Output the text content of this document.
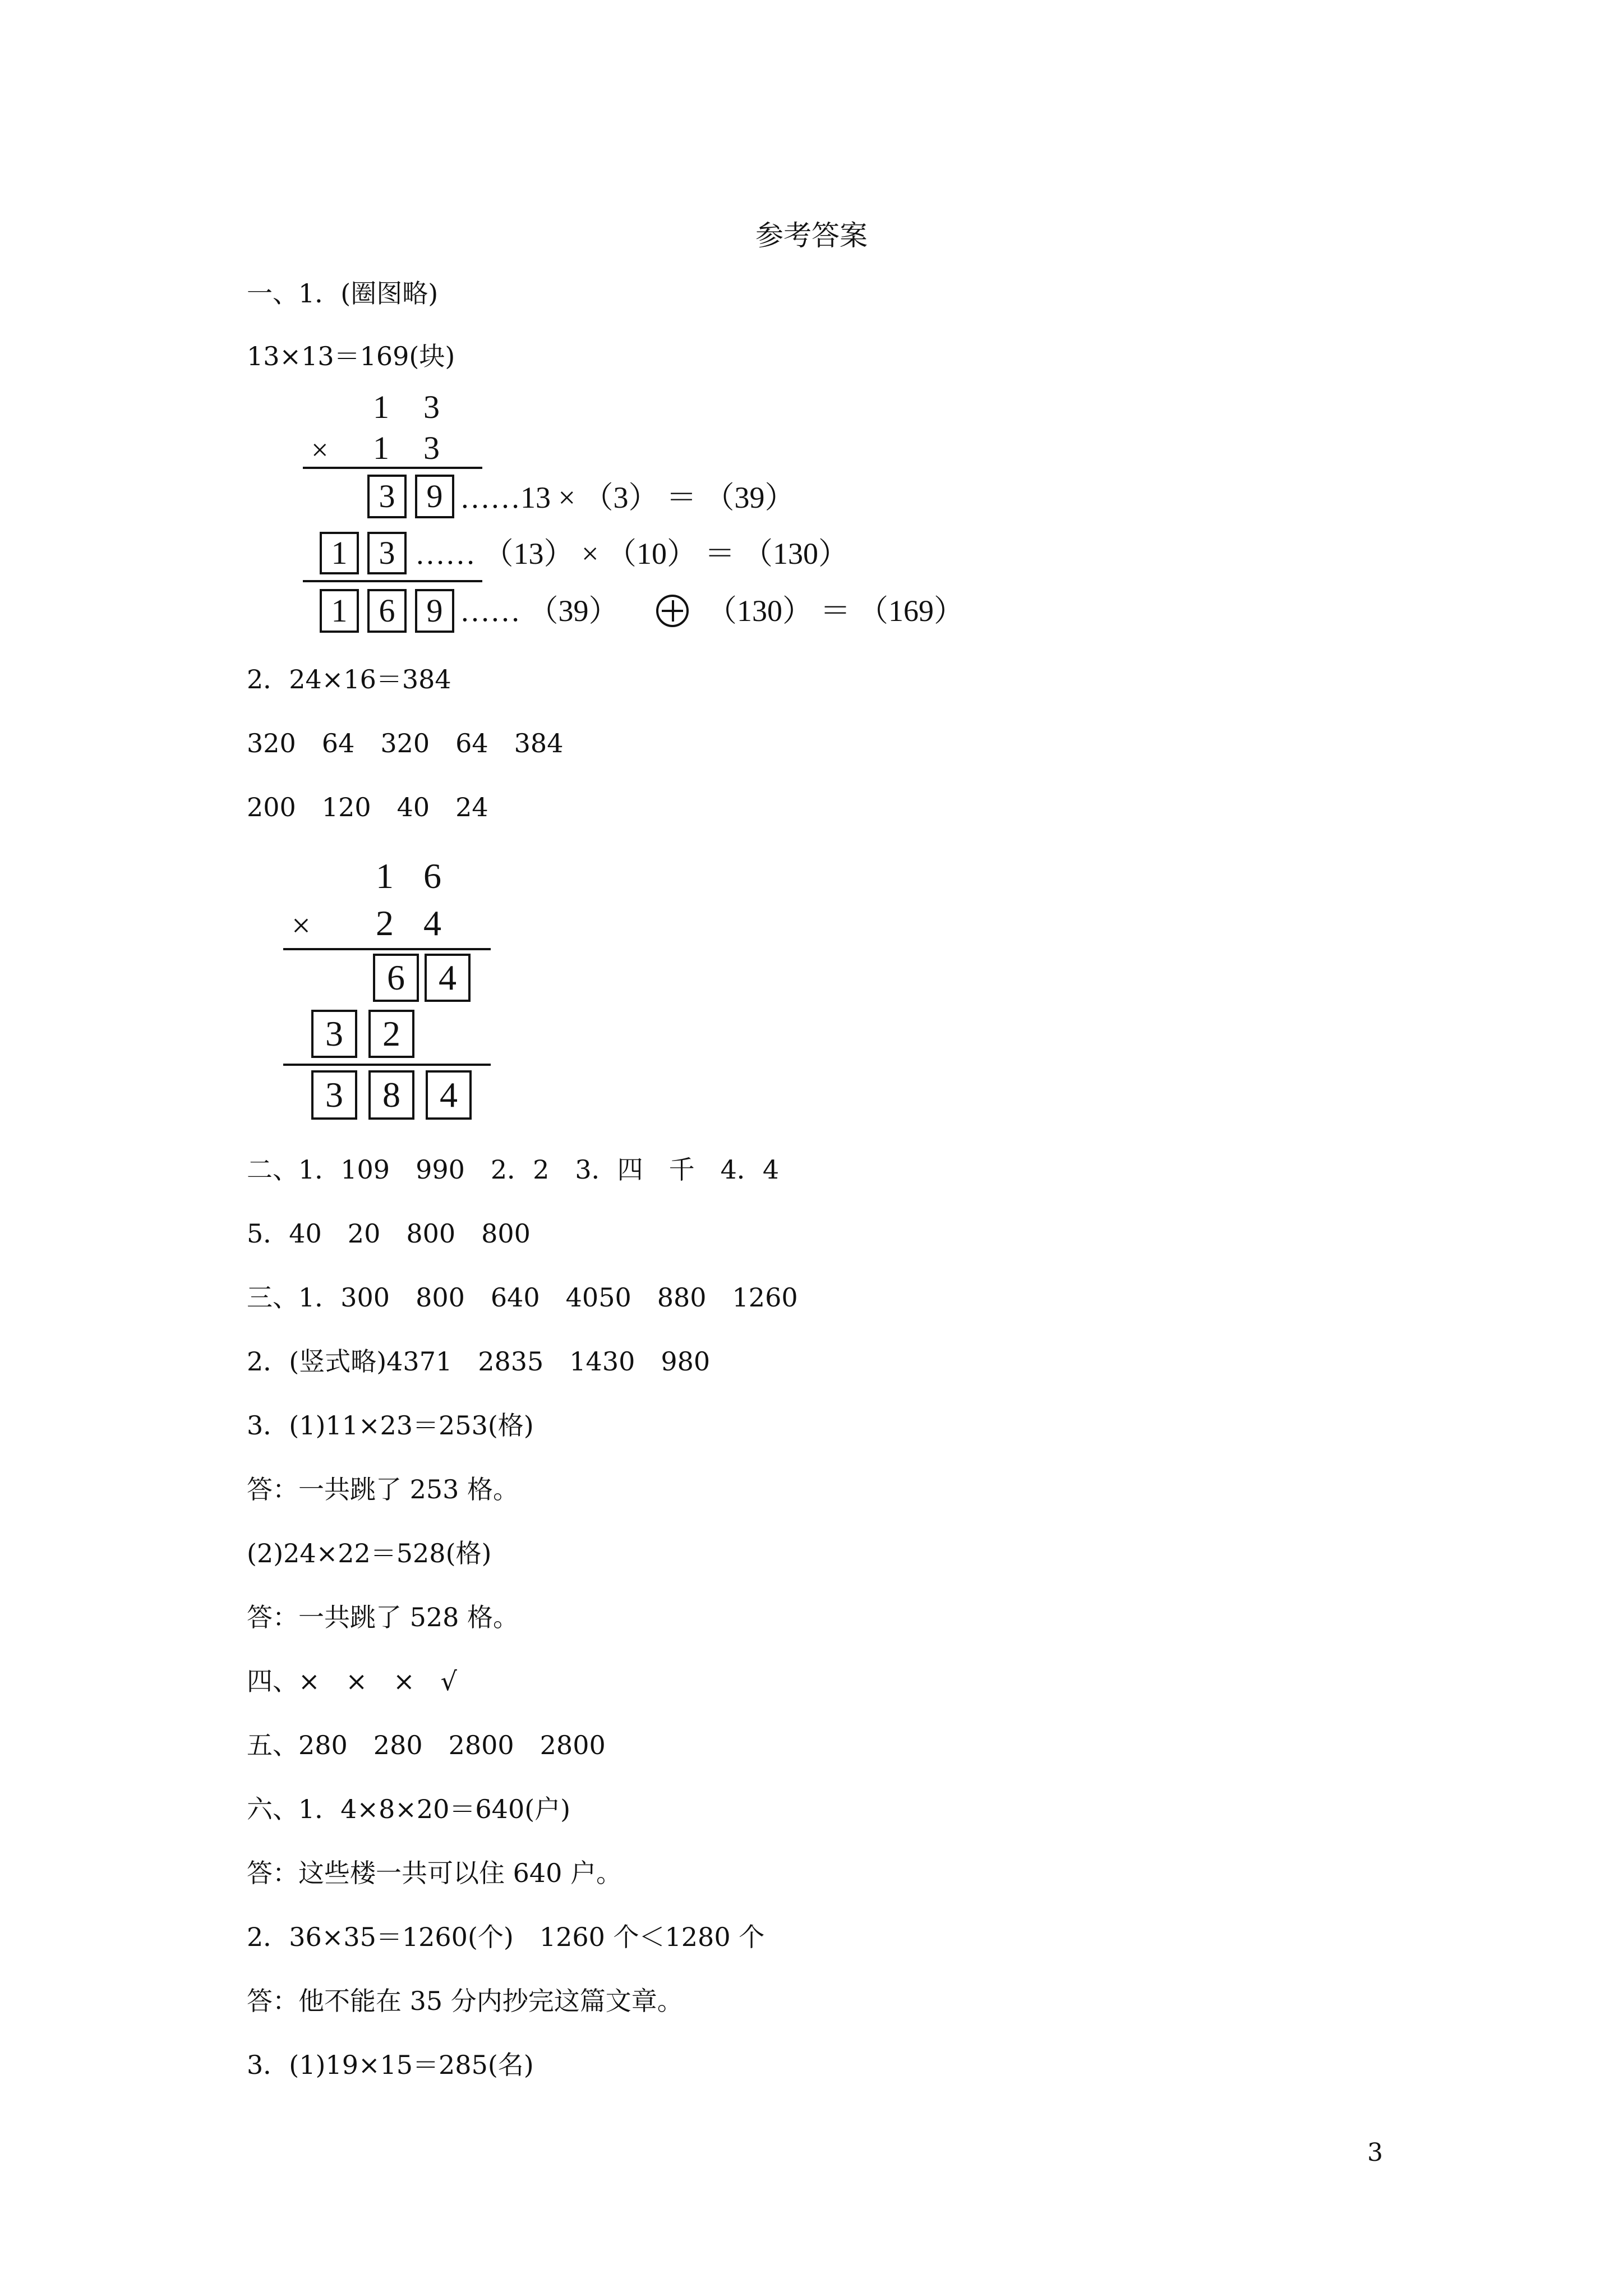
参考答案
一、1．(圈图略)
13×13＝169(块)
1 3
× 1 3
3 9 ……13 × （3） ＝ （39）
1 3 …… （13） × （10） ＝ （130）
1 6 9 …… （39）	（130） ＝ （169）
2．24×16＝384
320　64　320　64　384
200　120　40　24
1 6
× 2 4
6 4
3	2
3	8	4
二、1．109　990　2．2　3．四　千　4．4
5．40　20　800　800
三、1．300　800　640　4050　880　1260
2．(竖式略)4371　2835　1430　980
3．(1)11×23＝253(格)
答：一共跳了 253 格。
(2)24×22＝528(格)
答：一共跳了 528 格。
四、×　×　×　√
五、280　280　2800　2800
六、1．4×8×20＝640(户)
答：这些楼一共可以住 640 户。
2．36×35＝1260(个)　1260 个＜1280 个
答：他不能在 35 分内抄完这篇文章。
3．(1)19×15＝285(名)
3
